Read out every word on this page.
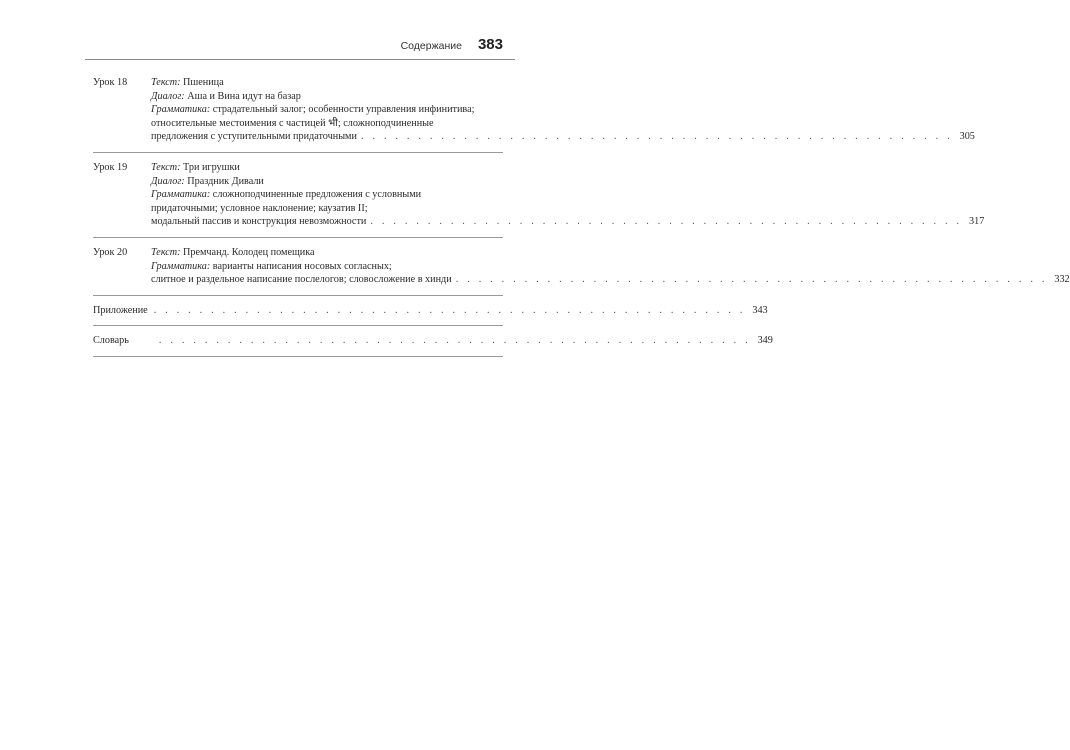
Содержание 383
Урок 18 Текст: Пшеница
Диалог: Аша и Вина идут на базар
Грамматика: страдательный залог; особенности управления инфинитива;
относительные местоимения с частицей भी; сложноподчиненные
предложения с уступительными придаточными . . . . . . . . . . . . . . . . . . . . . . . . . . . . . . . . . . . . . . . . . . . . . . . . . . . . 305
Урок 19 Текст: Три игрушки
Диалог: Праздник Дивали
Грамматика: сложноподчиненные предложения с условными
придаточными; условное наклонение; каузатив II;
модальный пассив и конструкция невозможности . . . . . . . . . . . . . . . . . . . . . . . . . . . . . . . . . . . . . . . . . . . . . . . . . . . . 317
Урок 20 Текст: Премчанд. Колодец помещика
Грамматика: варианты написания носовых согласных;
слитное и раздельное написание послелогов; словосложение в хинди . . . . . . . . . . . . . . . . . . . . . . . . . . . . . . . . . . . . . . . . . . . . . . . . . . . . 332
Приложение . . . . . . . . . . . . . . . . . . . . . . . . . . . . . . . . . . . . . . . . . . . . . . . . . . . . 343
Словарь	. . . . . . . . . . . . . . . . . . . . . . . . . . . . . . . . . . . . . . . . . . . . . . . . . . . . 349
